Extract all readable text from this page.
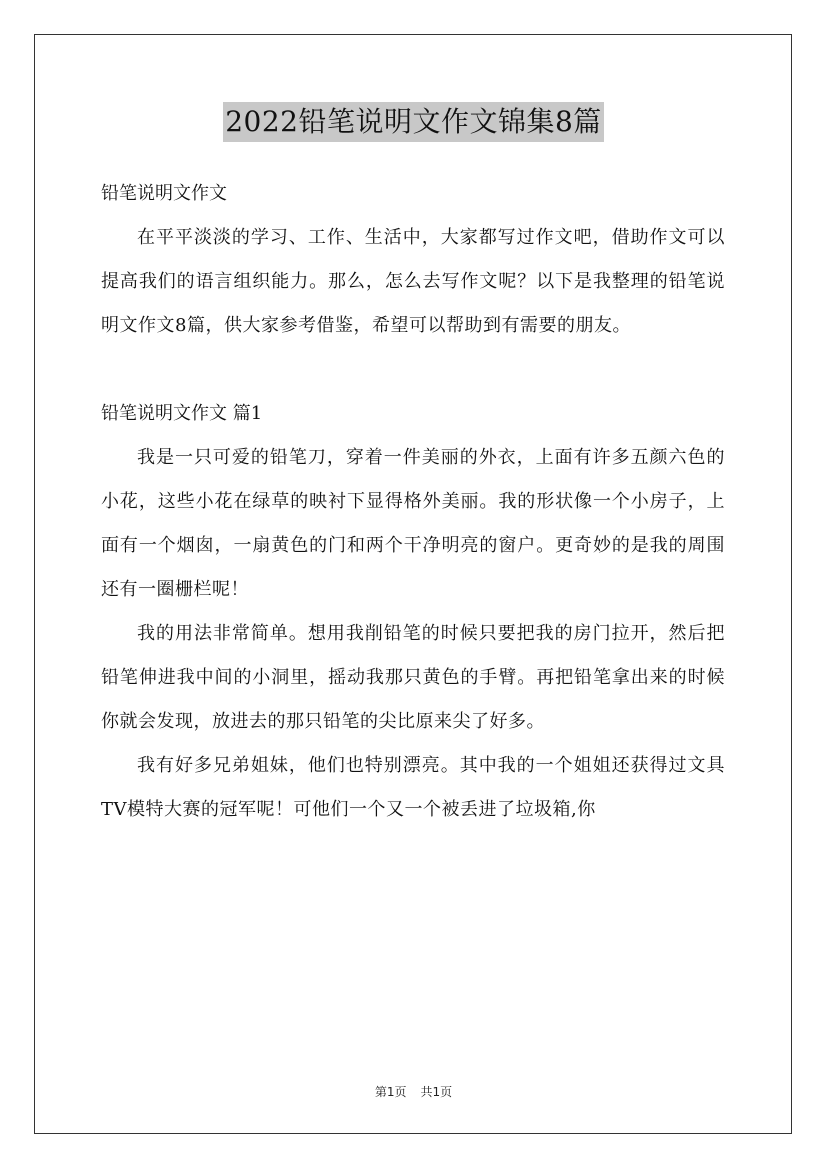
2022铅笔说明文作文锦集8篇

铅笔说明文作文

在平平淡淡的学习、工作、生活中，大家都写过作文吧，借助作文可以提高我们的语言组织能力。那么，怎么去写作文呢？以下是我整理的铅笔说明文作文8篇，供大家参考借鉴，希望可以帮助到有需要的朋友。

铅笔说明文作文 篇1

我是一只可爱的铅笔刀，穿着一件美丽的外衣，上面有许多五颜六色的小花，这些小花在绿草的映衬下显得格外美丽。我的形状像一个小房子，上面有一个烟囱，一扇黄色的门和两个干净明亮的窗户。更奇妙的是我的周围还有一圈栅栏呢！

我的用法非常简单。想用我削铅笔的时候只要把我的房门拉开，然后把铅笔伸进我中间的小洞里，摇动我那只黄色的手臂。再把铅笔拿出来的时候你就会发现，放进去的那只铅笔的尖比原来尖了好多。

我有好多兄弟姐妹，他们也特别漂亮。其中我的一个姐姐还获得过文具TV模特大赛的冠军呢！可他们一个又一个被丢进了垃圾箱,你

第1页 共1页
